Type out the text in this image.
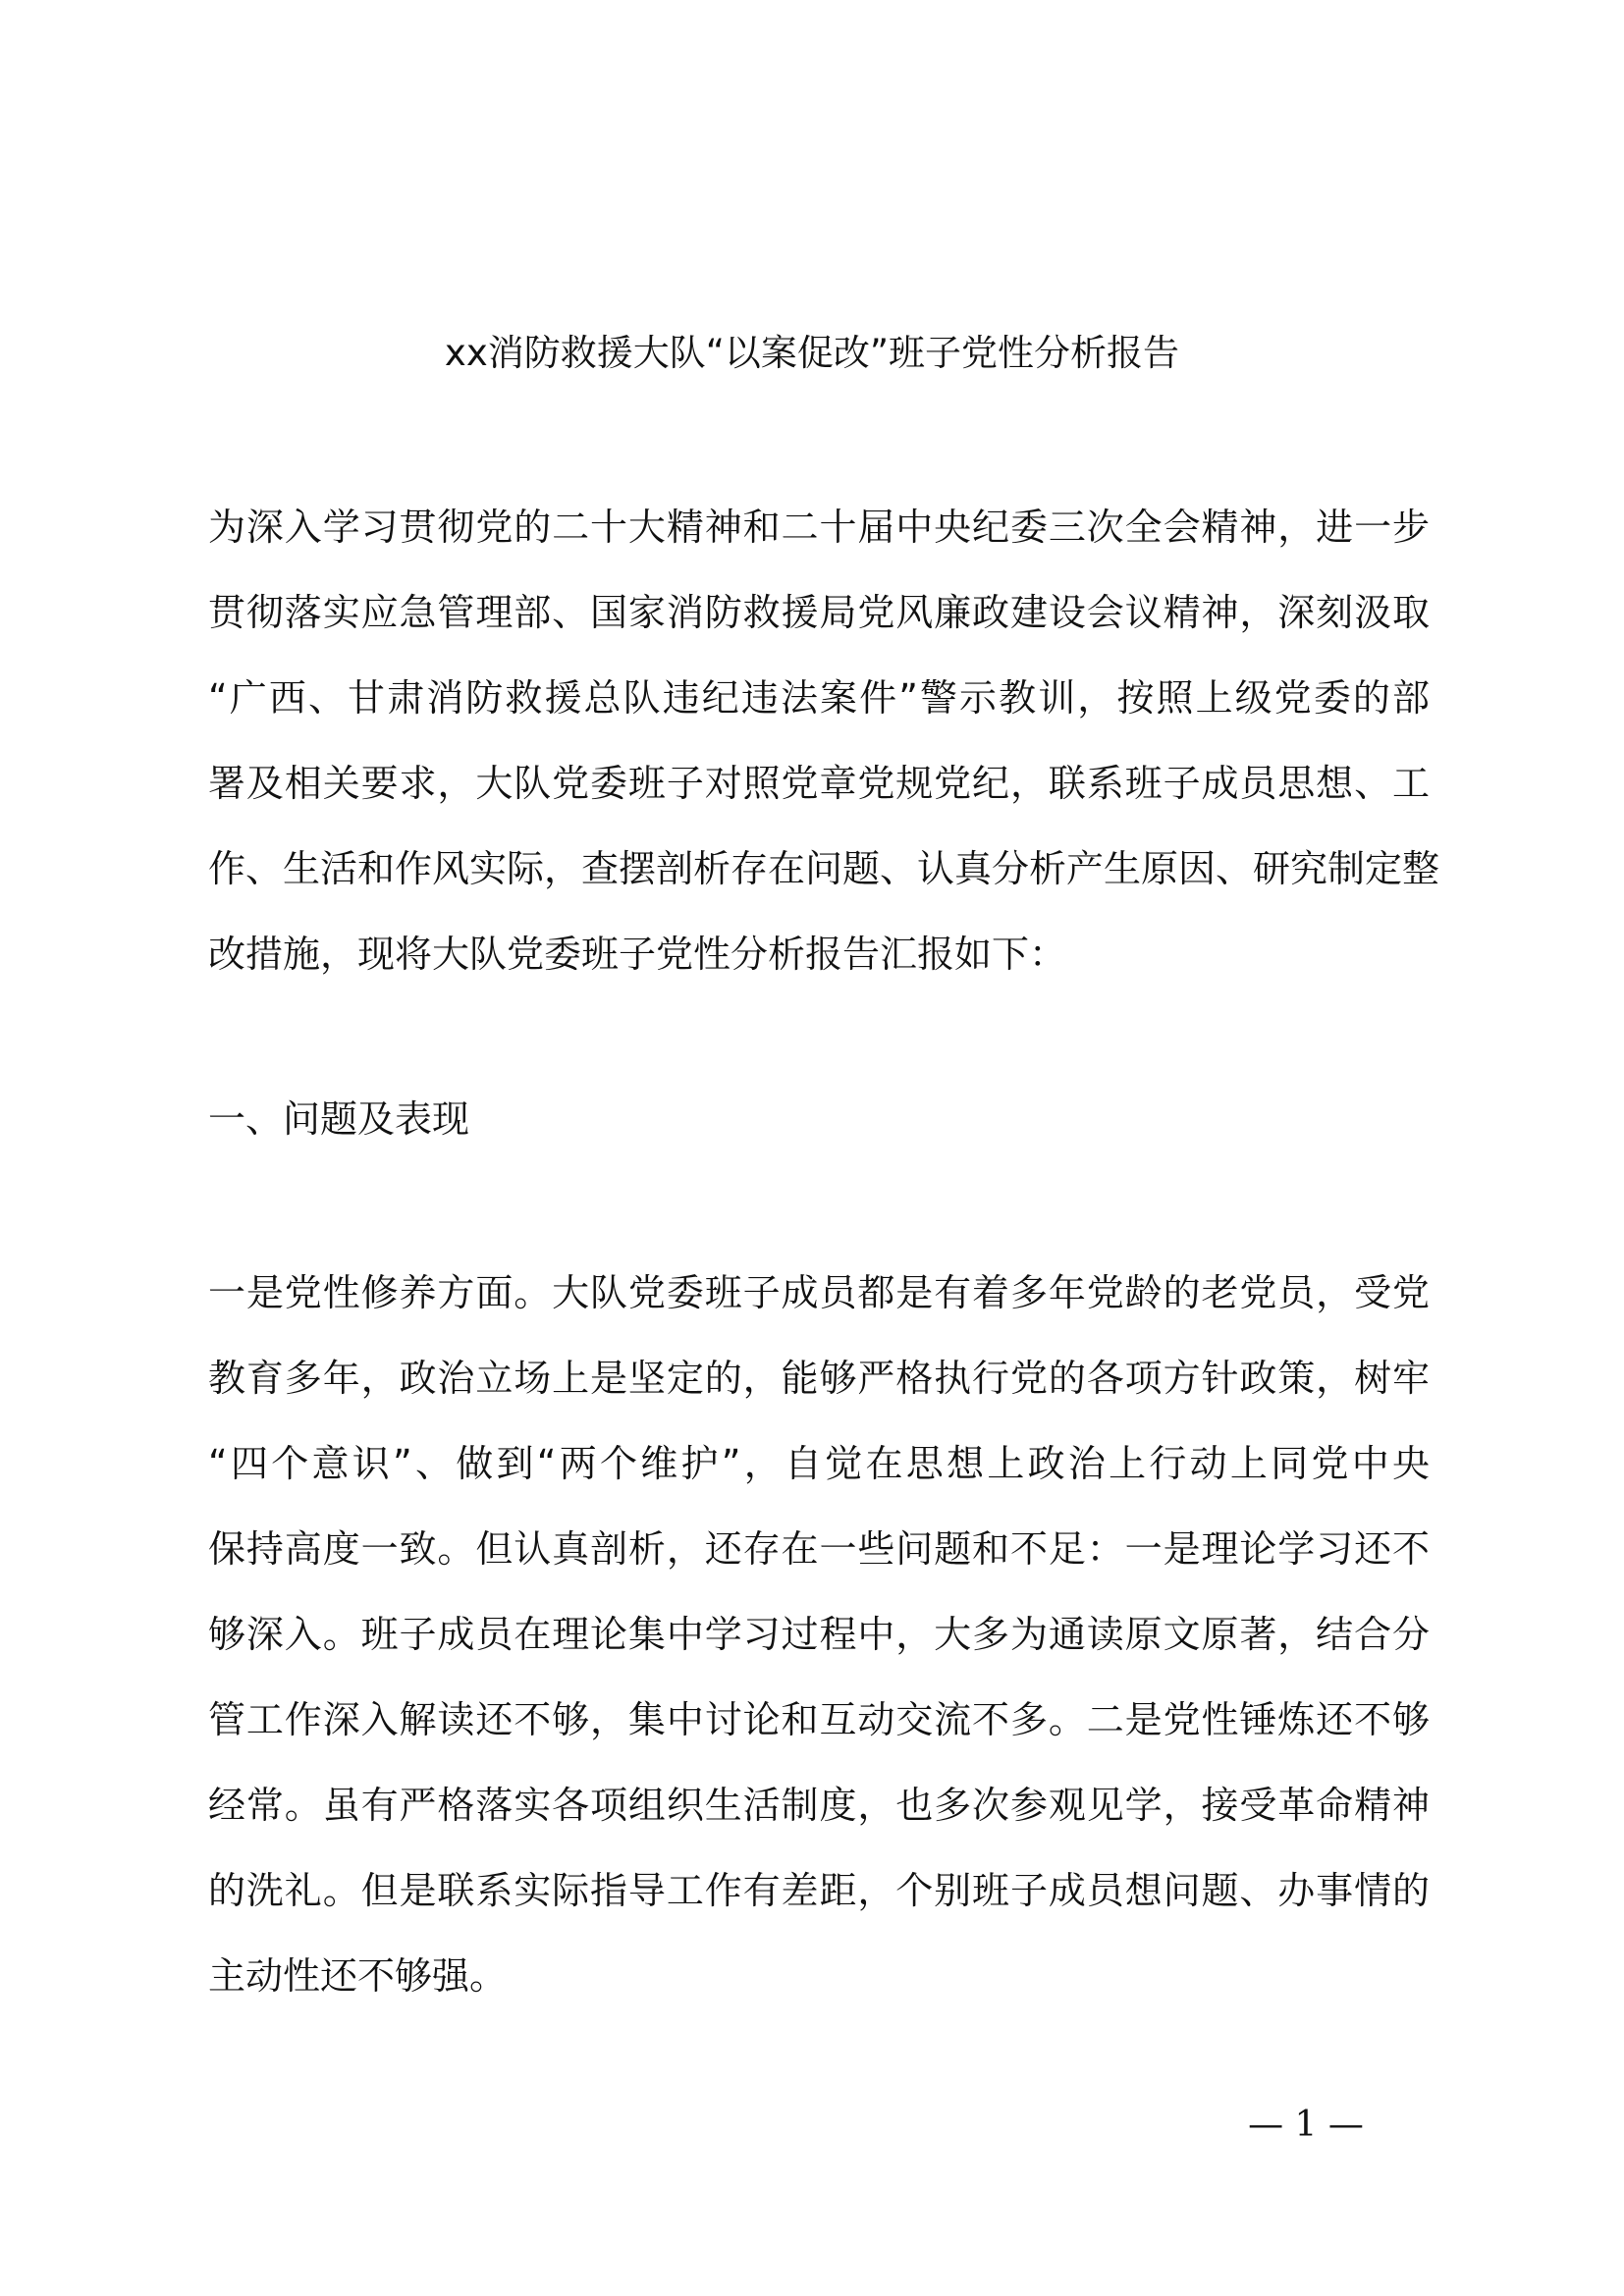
xx消防救援大队“以案促改”班子党性分析报告
为深入学习贯彻党的二十大精神和二十届中央纪委三次全会精神，进一步
贯彻落实应急管理部、国家消防救援局党风廉政建设会议精神，深刻汲取
“广西、甘肃消防救援总队违纪违法案件”警示教训，按照上级党委的部
署及相关要求，大队党委班子对照党章党规党纪，联系班子成员思想、工
作、生活和作风实际，查摆剖析存在问题、认真分析产生原因、研究制定整
改措施，现将大队党委班子党性分析报告汇报如下：
一、问题及表现
一是党性修养方面。大队党委班子成员都是有着多年党龄的老党员，受党
教育多年，政治立场上是坚定的，能够严格执行党的各项方针政策，树牢
“四个意识”、做到“两个维护”，自觉在思想上政治上行动上同党中央
保持高度一致。但认真剖析，还存在一些问题和不足：一是理论学习还不
够深入。班子成员在理论集中学习过程中，大多为通读原文原著，结合分
管工作深入解读还不够，集中讨论和互动交流不多。二是党性锤炼还不够
经常。虽有严格落实各项组织生活制度，也多次参观见学，接受革命精神
的洗礼。但是联系实际指导工作有差距，个别班子成员想问题、办事情的
主动性还不够强。
— 1 —
